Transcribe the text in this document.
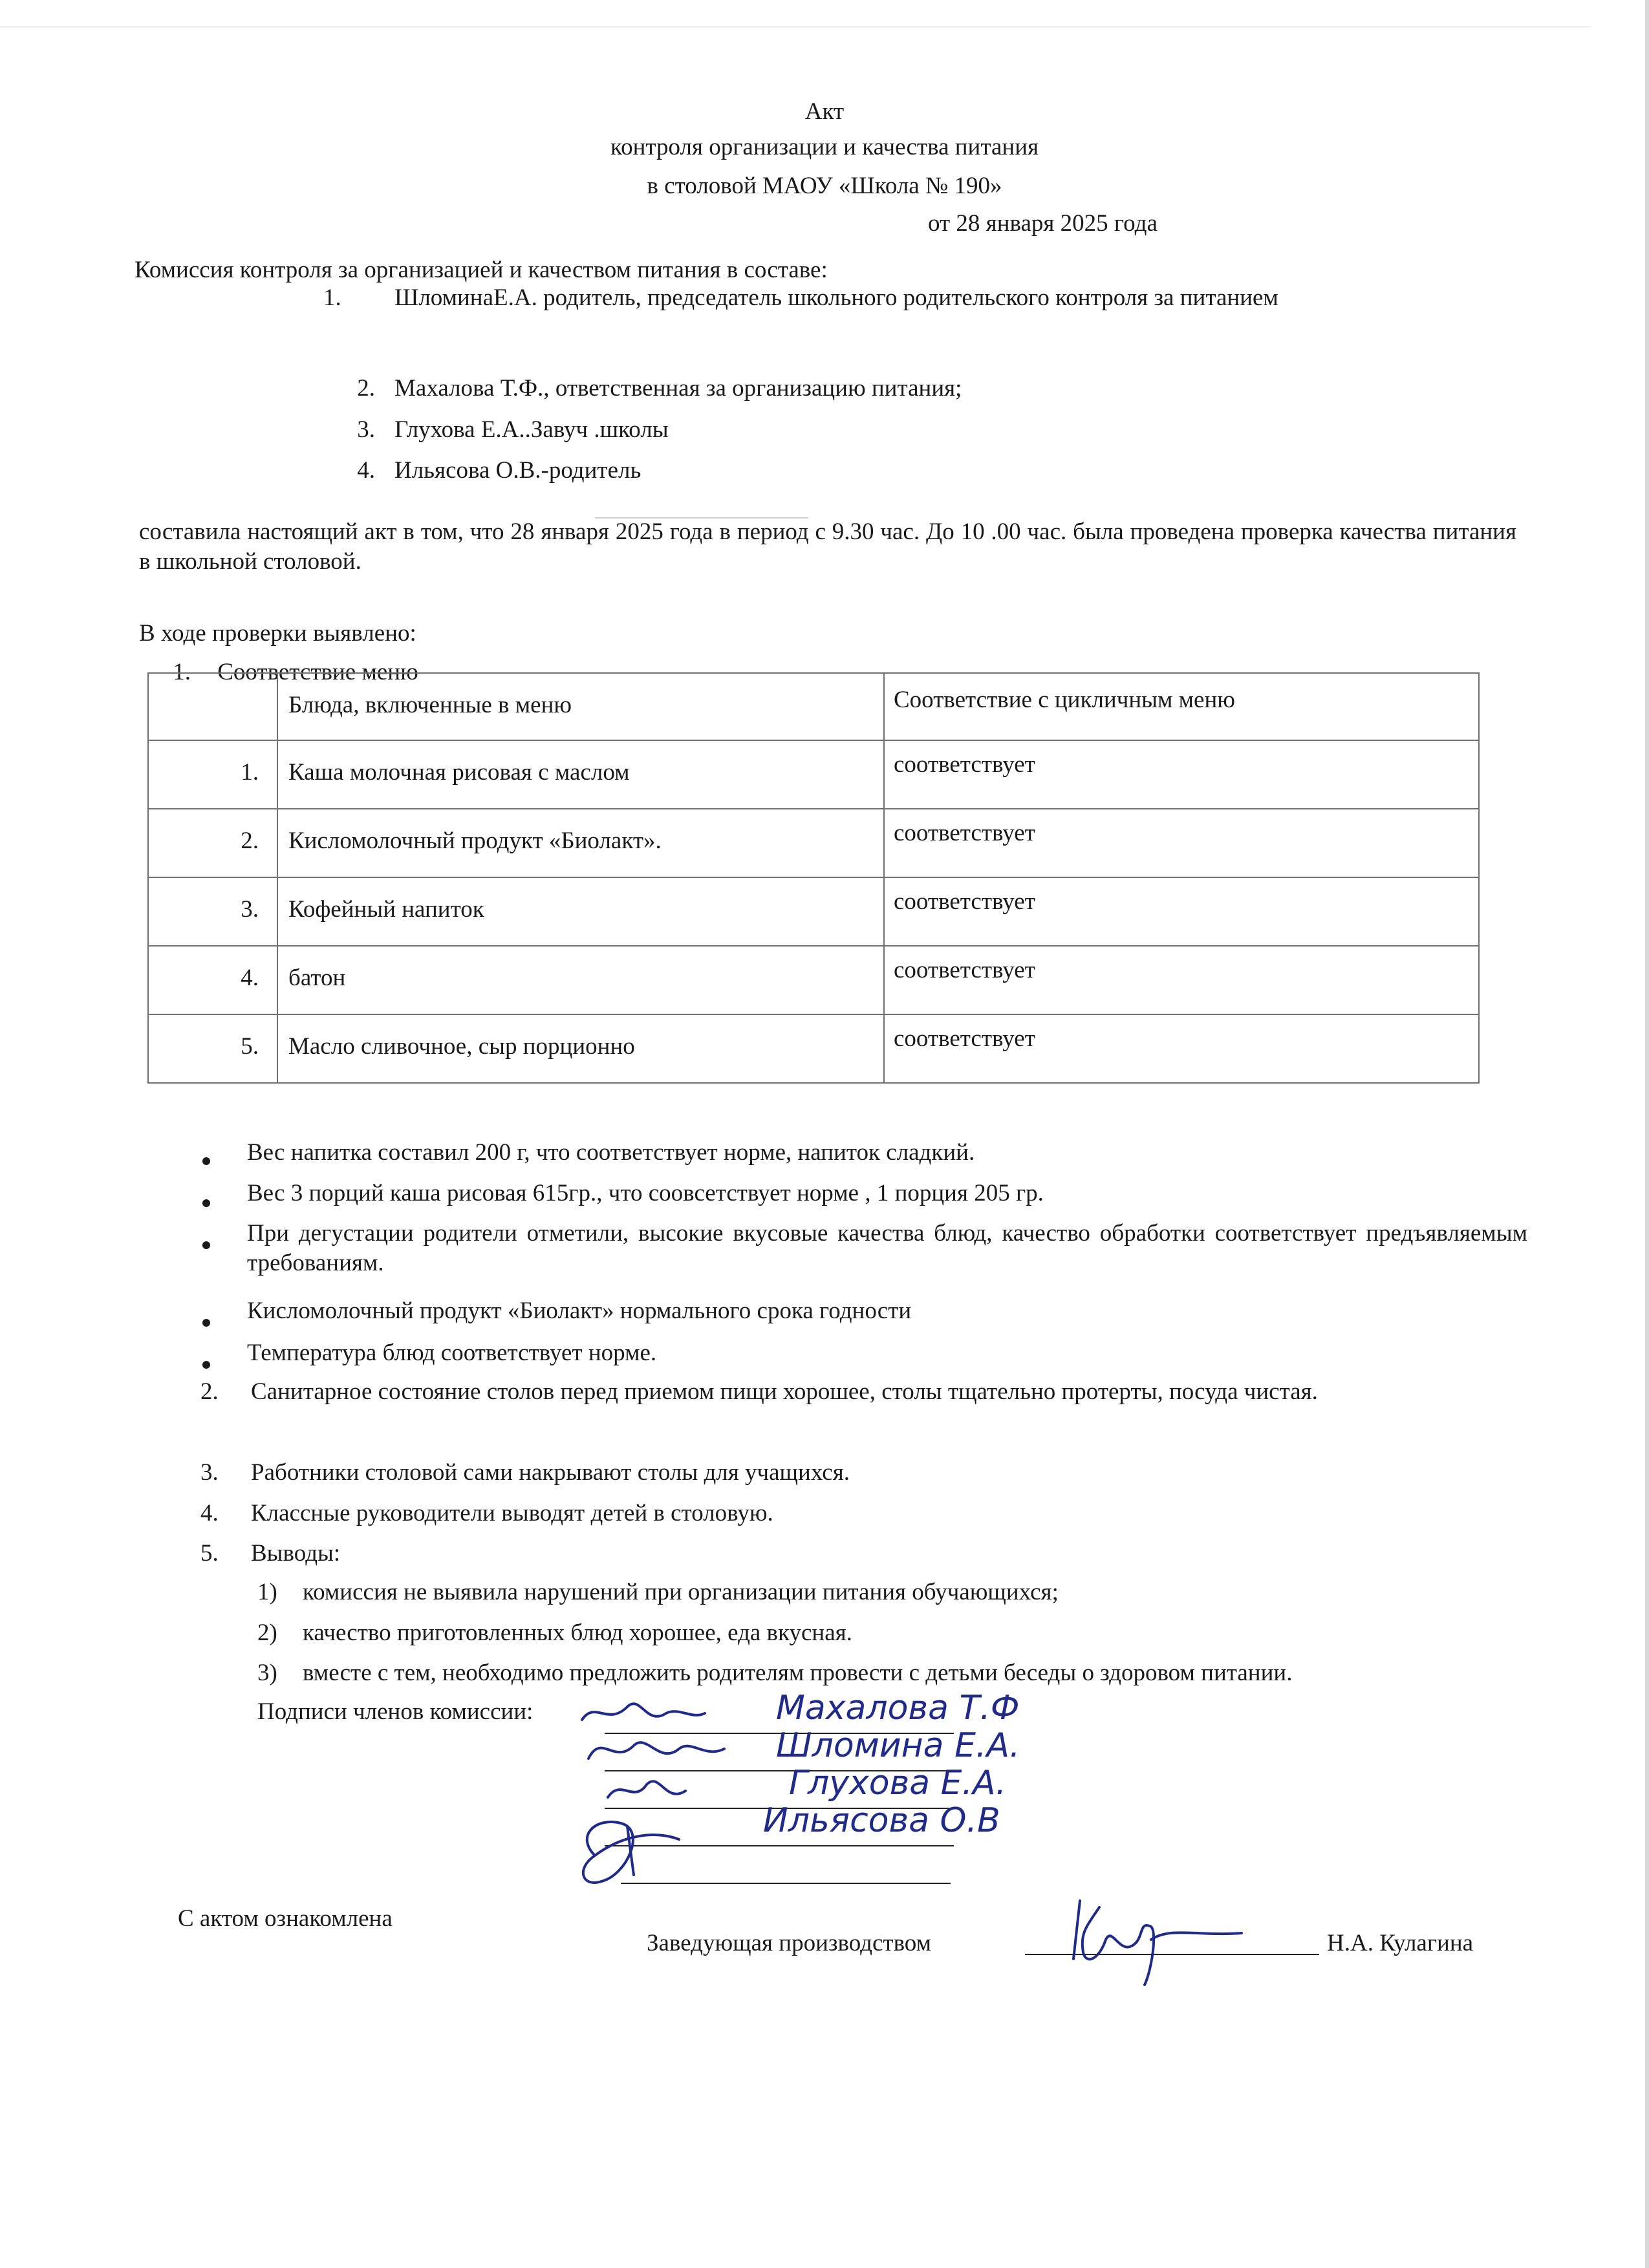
Акт
контроля организации и качества питания
в столовой МАОУ «Школа № 190»
от 28 января 2025 года
Комиссия контроля за организацией и качеством питания в составе:
1.	ШломинаЕ.А. родитель, председатель школьного родительского контроля за питанием
2. Махалова Т.Ф., ответственная за организацию питания;
3. Глухова Е.А..Завуч .школы
4. Ильясова О.В.-родитель
составила настоящий акт в том, что 28 января 2025 года в период с 9.30 час. До 10 .00 час. была проведена проверка качества питания в школьной столовой.
В ходе проверки выявлено:
1. Соответствие меню

	Блюда, включенные в меню	Соответствие с цикличным меню

1.	Каша молочная рисовая с маслом	соответствует

2.	Кисломолочный продукт «Биолакт».	соответствует

3.	Кофейный напиток	соответствует

4.	батон	соответствует

5.	Масло сливочное, сыр порционно	соответствует
Вес напитка составил 200 г, что соответствует норме, напиток сладкий.
Вес 3 порций каша рисовая 615гр., что сoовсетствует норме , 1 порция 205 гр.
При дегустации родители отметили, высокие вкусовые качества блюд, качество обработки соответствует предъявляемым требованиям.
Кисломолочный продукт «Биолакт» нормального срока годности
Температура блюд соответствует норме.
2. Санитарное состояние столов перед приемом пищи хорошее, столы тщательно протерты, посуда чистая.
3. Работники столовой сами накрывают столы для учащихся.
4. Классные руководители выводят детей в столовую.
5. Выводы:
1) комиссия не выявила нарушений при организации питания обучающихся;
2) качество приготовленных блюд хорошее, еда вкусная.
3) вместе с тем, необходимо предложить родителям провести с детьми беседы о здоровом питании.
Подписи членов комиссии:	Махалова Т.Ф
Шломина Е.А.
Глухова Е.А.
Ильясова О.В
С актом ознакомлена
Заведующая производством	Н.А. Кулагина
